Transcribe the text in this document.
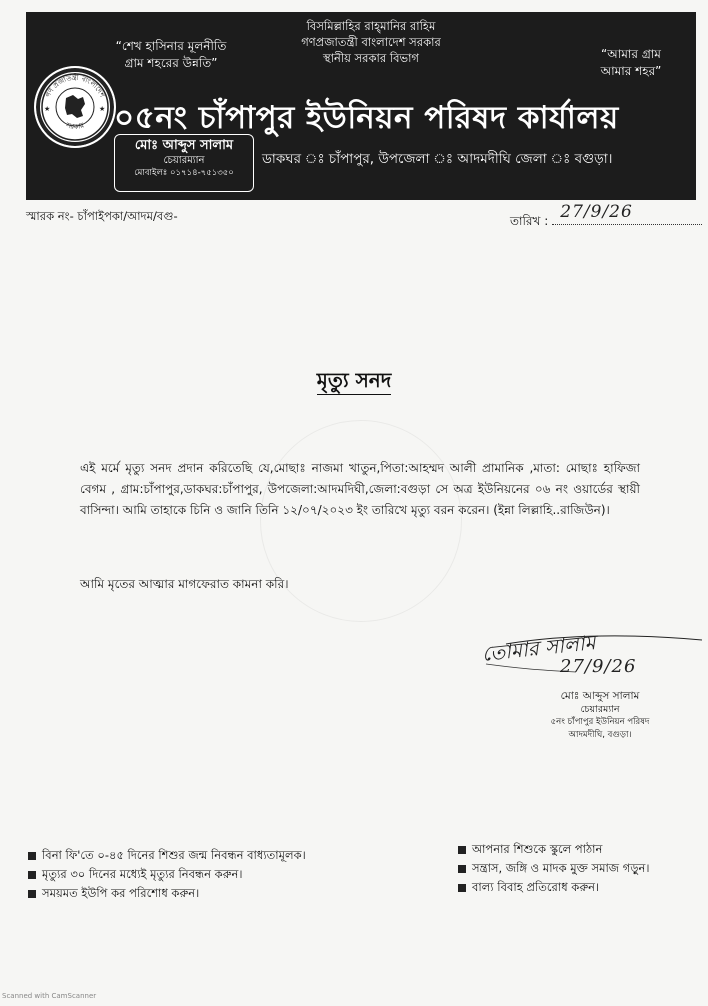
গণ প্রজাতন্ত্রী বাংলাদেশ
সরকার
★	★
বিসমিল্লাহির রাহ্‌মানির রাহিম
গণপ্রজাতন্ত্রী বাংলাদেশ সরকার
স্থানীয় সরকার বিভাগ
“শেখ হাসিনার মূলনীতি
গ্রাম শহরের উন্নতি”
“আমার গ্রাম
আমার শহর”
০৫নং চাঁপাপুর ইউনিয়ন পরিষদ কার্যালয়
মোঃ আব্দুস সালাম
চেয়ারম্যান
মোবাইলঃ ০১৭১৪-৭৫১৩৫০
ডাকঘর ঃ চাঁপাপুর, উপজেলা ঃ আদমদীঘি জেলা ঃ বগুড়া।
স্মারক নং- চাঁপাইপকা/আদম/বগু-	তারিখ : 27/9/26
মৃত্যু সনদ
এই মর্মে মৃত্যু সনদ প্রদান করিতেছি যে,মোছাঃ নাজমা খাতুন,পিতা:আহম্মদ আলী প্রামানিক ,মাতা: মোছাঃ হাফিজা বেগম , গ্রাম:চাঁপাপুর,ডাকঘর:চাঁপাপুর, উপজেলা:আদমদিঘী,জেলা:বগুড়া সে অত্র ইউনিয়নের ০৬ নং ওয়ার্ডের স্থায়ী বাসিন্দা। আমি তাহাকে চিনি ও জানি তিনি ১২/০৭/২০২৩ ইং তারিখে মৃত্যু বরন করেন। (ইন্না লিল্লাহি..রাজিউন)।
আমি মৃতের আত্মার মাগফেরাত কামনা করি।
তোমার সালাম
27/9/26
মোঃ আব্দুস সালাম
চেয়ারম্যান
৫নং চাঁপাপুর ইউনিয়ন পরিষদ
আদমদীঘি, বগুড়া।
বিনা ফি'তে ০-৪৫ দিনের শিশুর জন্ম নিবন্ধন বাধ্যতামূলক।
মৃত্যুর ৩০ দিনের মধ্যেই মৃত্যুর নিবন্ধন করুন।
সময়মত ইউপি কর পরিশোধ করুন।
আপনার শিশুকে স্কুলে পাঠান
সন্ত্রাস, জঙ্গি ও মাদক মুক্ত সমাজ গড়ুন।
বাল্য বিবাহ প্রতিরোধ করুন।
Scanned with CamScanner
